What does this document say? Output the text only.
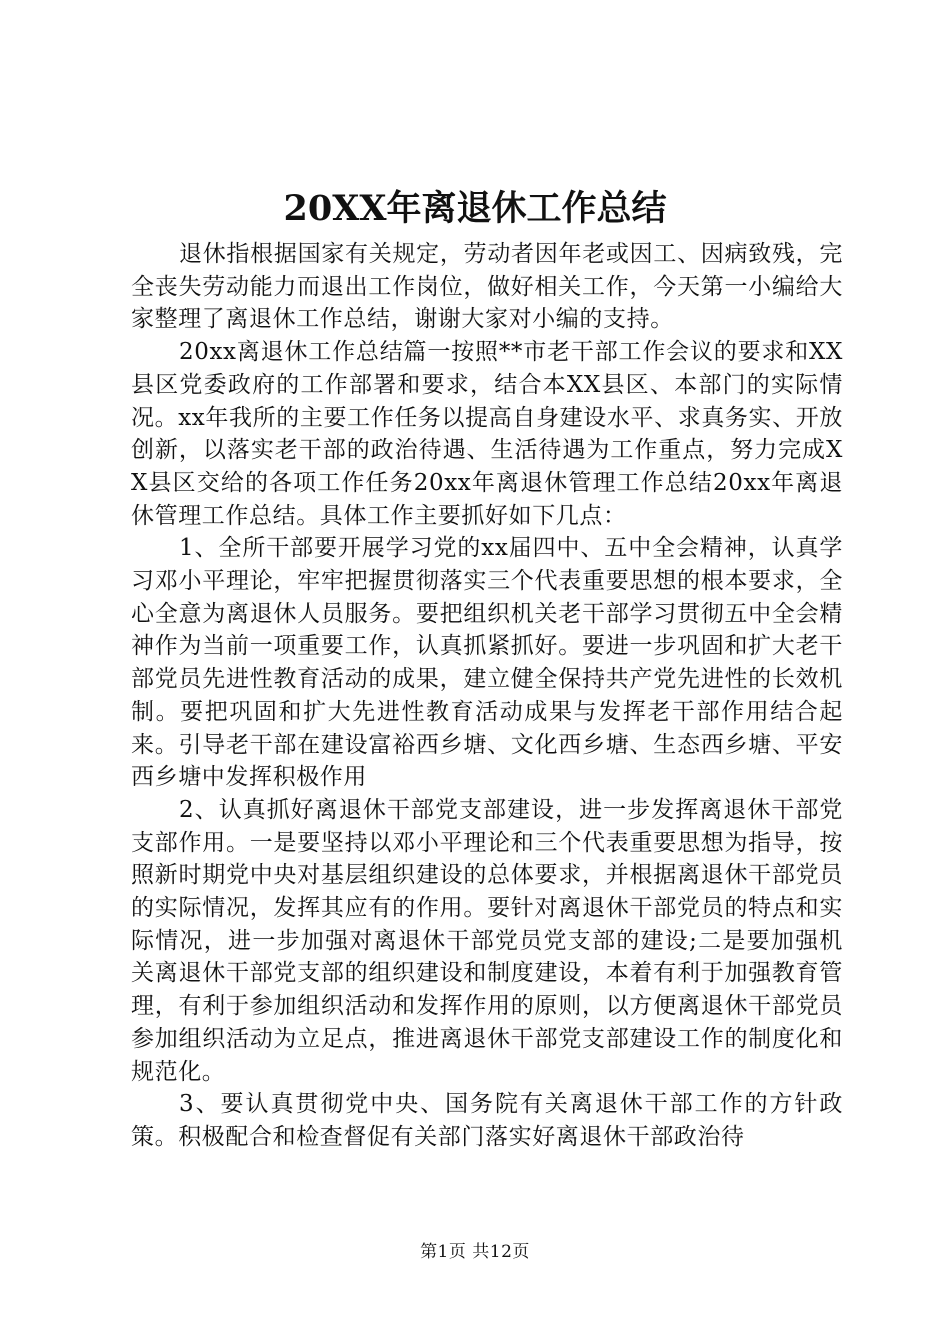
20XX年离退休工作总结

退休指根据国家有关规定，劳动者因年老或因工、因病致残，完全丧失劳动能力而退出工作岗位，做好相关工作，今天第一小编给大家整理了离退休工作总结，谢谢大家对小编的支持。

20xx离退休工作总结篇一按照**市老干部工作会议的要求和XX县区党委政府的工作部署和要求，结合本XX县区、本部门的实际情况。xx年我所的主要工作任务以提高自身建设水平、求真务实、开放创新，以落实老干部的政治待遇、生活待遇为工作重点，努力完成XX县区交给的各项工作任务20xx年离退休管理工作总结20xx年离退休管理工作总结。具体工作主要抓好如下几点：

1、全所干部要开展学习党的xx届四中、五中全会精神，认真学习邓小平理论，牢牢把握贯彻落实三个代表重要思想的根本要求，全心全意为离退休人员服务。要把组织机关老干部学习贯彻五中全会精神作为当前一项重要工作，认真抓紧抓好。要进一步巩固和扩大老干部党员先进性教育活动的成果，建立健全保持共产党先进性的长效机制。要把巩固和扩大先进性教育活动成果与发挥老干部作用结合起来。引导老干部在建设富裕西乡塘、文化西乡塘、生态西乡塘、平安西乡塘中发挥积极作用

2、认真抓好离退休干部党支部建设，进一步发挥离退休干部党支部作用。一是要坚持以邓小平理论和三个代表重要思想为指导，按照新时期党中央对基层组织建设的总体要求，并根据离退休干部党员的实际情况，发挥其应有的作用。要针对离退休干部党员的特点和实际情况，进一步加强对离退休干部党员党支部的建设;二是要加强机关离退休干部党支部的组织建设和制度建设，本着有利于加强教育管理，有利于参加组织活动和发挥作用的原则，以方便离退休干部党员参加组织活动为立足点，推进离退休干部党支部建设工作的制度化和规范化。

3、要认真贯彻党中央、国务院有关离退休干部工作的方针政策。积极配合和检查督促有关部门落实好离退休干部政治待

第1页 共12页
